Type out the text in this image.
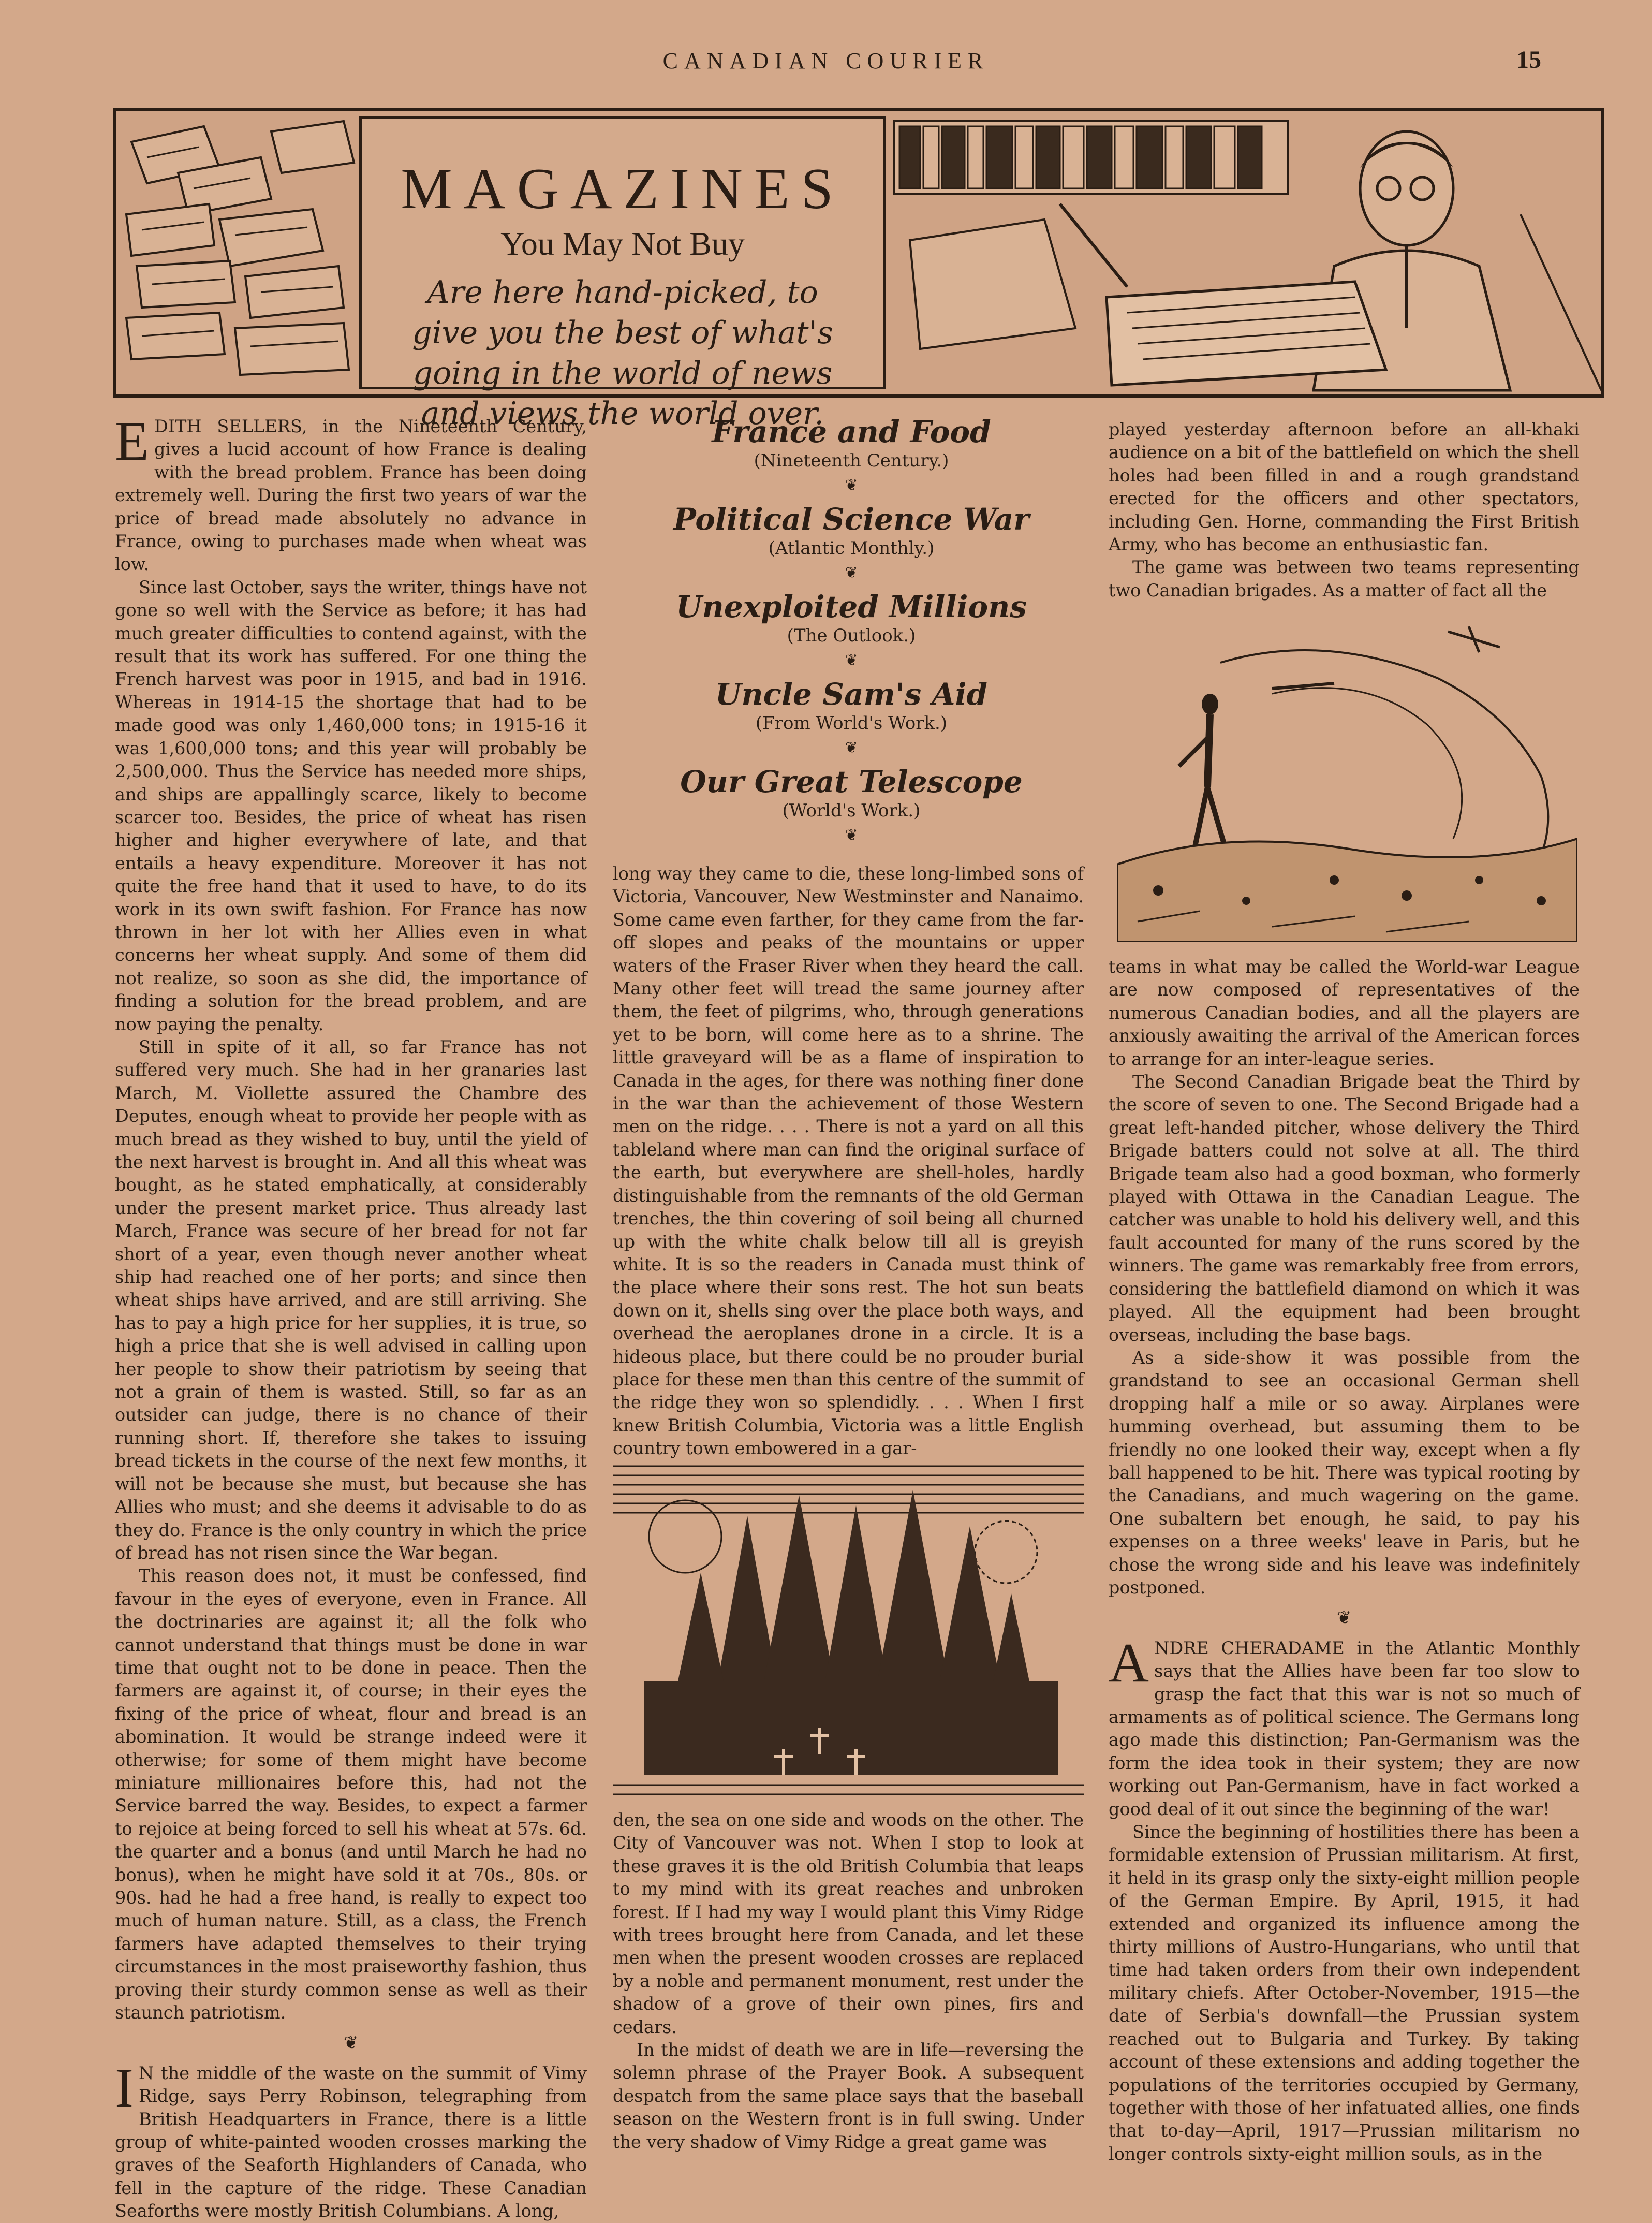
CANADIAN COURIER	15
MAGAZINES
You May Not Buy
Are here hand-picked, to give you the best of what's going in the world of news and views the world over.

EDITH SELLERS, in the Nineteenth Century, gives a lucid account of how France is dealing with the bread problem. France has been doing extremely well. During the first two years of war the price of bread made absolutely no advance in France, owing to purchases made when wheat was low.

Since last October, says the writer, things have not gone so well with the Service as before; it has had much greater difficulties to contend against, with the result that its work has suffered. For one thing the French harvest was poor in 1915, and bad in 1916. Whereas in 1914-15 the shortage that had to be made good was only 1,460,000 tons; in 1915-16 it was 1,600,000 tons; and this year will probably be 2,500,000. Thus the Service has needed more ships, and ships are appallingly scarce, likely to become scarcer too. Besides, the price of wheat has risen higher and higher everywhere of late, and that entails a heavy expenditure. Moreover it has not quite the free hand that it used to have, to do its work in its own swift fashion. For France has now thrown in her lot with her Allies even in what concerns her wheat supply. And some of them did not realize, so soon as she did, the importance of finding a solution for the bread problem, and are now paying the penalty.

Still in spite of it all, so far France has not suffered very much. She had in her granaries last March, M. Viollette assured the Chambre des Deputes, enough wheat to provide her people with as much bread as they wished to buy, until the yield of the next harvest is brought in. And all this wheat was bought, as he stated emphatically, at considerably under the present market price. Thus already last March, France was secure of her bread for not far short of a year, even though never another wheat ship had reached one of her ports; and since then wheat ships have arrived, and are still arriving. She has to pay a high price for her supplies, it is true, so high a price that she is well advised in calling upon her people to show their patriotism by seeing that not a grain of them is wasted. Still, so far as an outsider can judge, there is no chance of their running short. If, therefore she takes to issuing bread tickets in the course of the next few months, it will not be because she must, but because she has Allies who must; and she deems it advisable to do as they do. France is the only country in which the price of bread has not risen since the War began.

This reason does not, it must be confessed, find favour in the eyes of everyone, even in France. All the doctrinaries are against it; all the folk who cannot understand that things must be done in war time that ought not to be done in peace. Then the farmers are against it, of course; in their eyes the fixing of the price of wheat, flour and bread is an abomination. It would be strange indeed were it otherwise; for some of them might have become miniature millionaires before this, had not the Service barred the way. Besides, to expect a farmer to rejoice at being forced to sell his wheat at 57s. 6d. the quarter and a bonus (and until March he had no bonus), when he might have sold it at 70s., 80s. or 90s. had he had a free hand, is really to expect too much of human nature. Still, as a class, the French farmers have adapted themselves to their trying circumstances in the most praiseworthy fashion, thus proving their sturdy common sense as well as their staunch patriotism.

❦

I N the middle of the waste on the summit of Vimy Ridge, says Perry Robinson, telegraphing from British Headquarters in France, there is a little group of white-painted wooden crosses marking the graves of the Seaforth Highlanders of Canada, who fell in the capture of the ridge. These Canadian Seaforths were mostly British Columbians. A long,

France and Food
(Nineteenth Century.)
❦
Political Science War
(Atlantic Monthly.)
❦
Unexploited Millions
(The Outlook.)
❦
Uncle Sam's Aid
(From World's Work.)
❦
Our Great Telescope
(World's Work.)
❦

long way they came to die, these long-limbed sons of Victoria, Vancouver, New Westminster and Nanaimo. Some came even farther, for they came from the far-off slopes and peaks of the mountains or upper waters of the Fraser River when they heard the call. Many other feet will tread the same journey after them, the feet of pilgrims, who, through generations yet to be born, will come here as to a shrine. The little graveyard will be as a flame of inspiration to Canada in the ages, for there was nothing finer done in the war than the achievement of those Western men on the ridge. . . . There is not a yard on all this tableland where man can find the original surface of the earth, but everywhere are shell-holes, hardly distinguishable from the remnants of the old German trenches, the thin covering of soil being all churned up with the white chalk below till all is greyish white. It is so the readers in Canada must think of the place where their sons rest. The hot sun beats down on it, shells sing over the place both ways, and overhead the aeroplanes drone in a circle. It is a hideous place, but there could be no prouder burial place for these men than this centre of the summit of the ridge they won so splendidly. . . . When I first knew British Columbia, Victoria was a little English country town embowered in a gar-

den, the sea on one side and woods on the other. The City of Vancouver was not. When I stop to look at these graves it is the old British Columbia that leaps to my mind with its great reaches and unbroken forest. If I had my way I would plant this Vimy Ridge with trees brought here from Canada, and let these men when the present wooden crosses are replaced by a noble and permanent monument, rest under the shadow of a grove of their own pines, firs and cedars.

In the midst of death we are in life—reversing the solemn phrase of the Prayer Book. A subsequent despatch from the same place says that the baseball season on the Western front is in full swing. Under the very shadow of Vimy Ridge a great game was

played yesterday afternoon before an all-khaki audience on a bit of the battlefield on which the shell holes had been filled in and a rough grandstand erected for the officers and other spectators, including Gen. Horne, commanding the First British Army, who has become an enthusiastic fan.

The game was between two teams representing two Canadian brigades. As a matter of fact all the

teams in what may be called the World-war League are now composed of representatives of the numerous Canadian bodies, and all the players are anxiously awaiting the arrival of the American forces to arrange for an inter-league series.

The Second Canadian Brigade beat the Third by the score of seven to one. The Second Brigade had a great left-handed pitcher, whose delivery the Third Brigade batters could not solve at all. The third Brigade team also had a good boxman, who formerly played with Ottawa in the Canadian League. The catcher was unable to hold his delivery well, and this fault accounted for many of the runs scored by the winners. The game was remarkably free from errors, considering the battlefield diamond on which it was played. All the equipment had been brought overseas, including the base bags.

As a side-show it was possible from the grandstand to see an occasional German shell dropping half a mile or so away. Airplanes were humming overhead, but assuming them to be friendly no one looked their way, except when a fly ball happened to be hit. There was typical rooting by the Canadians, and much wagering on the game. One subaltern bet enough, he said, to pay his expenses on a three weeks' leave in Paris, but he chose the wrong side and his leave was indefinitely postponed.

❦

ANDRE CHERADAME in the Atlantic Monthly says that the Allies have been far too slow to grasp the fact that this war is not so much of armaments as of political science. The Germans long ago made this distinction; Pan-Germanism was the form the idea took in their system; they are now working out Pan-Germanism, have in fact worked a good deal of it out since the beginning of the war!

Since the beginning of hostilities there has been a formidable extension of Prussian militarism. At first, it held in its grasp only the sixty-eight million people of the German Empire. By April, 1915, it had extended and organized its influence among the thirty millions of Austro-Hungarians, who until that time had taken orders from their own independent military chiefs. After October-November, 1915—the date of Serbia's downfall—the Prussian system reached out to Bulgaria and Turkey. By taking account of these extensions and adding together the populations of the territories occupied by Germany, together with those of her infatuated allies, one finds that to-day—April, 1917—Prussian militarism no longer controls sixty-eight million souls, as in the
